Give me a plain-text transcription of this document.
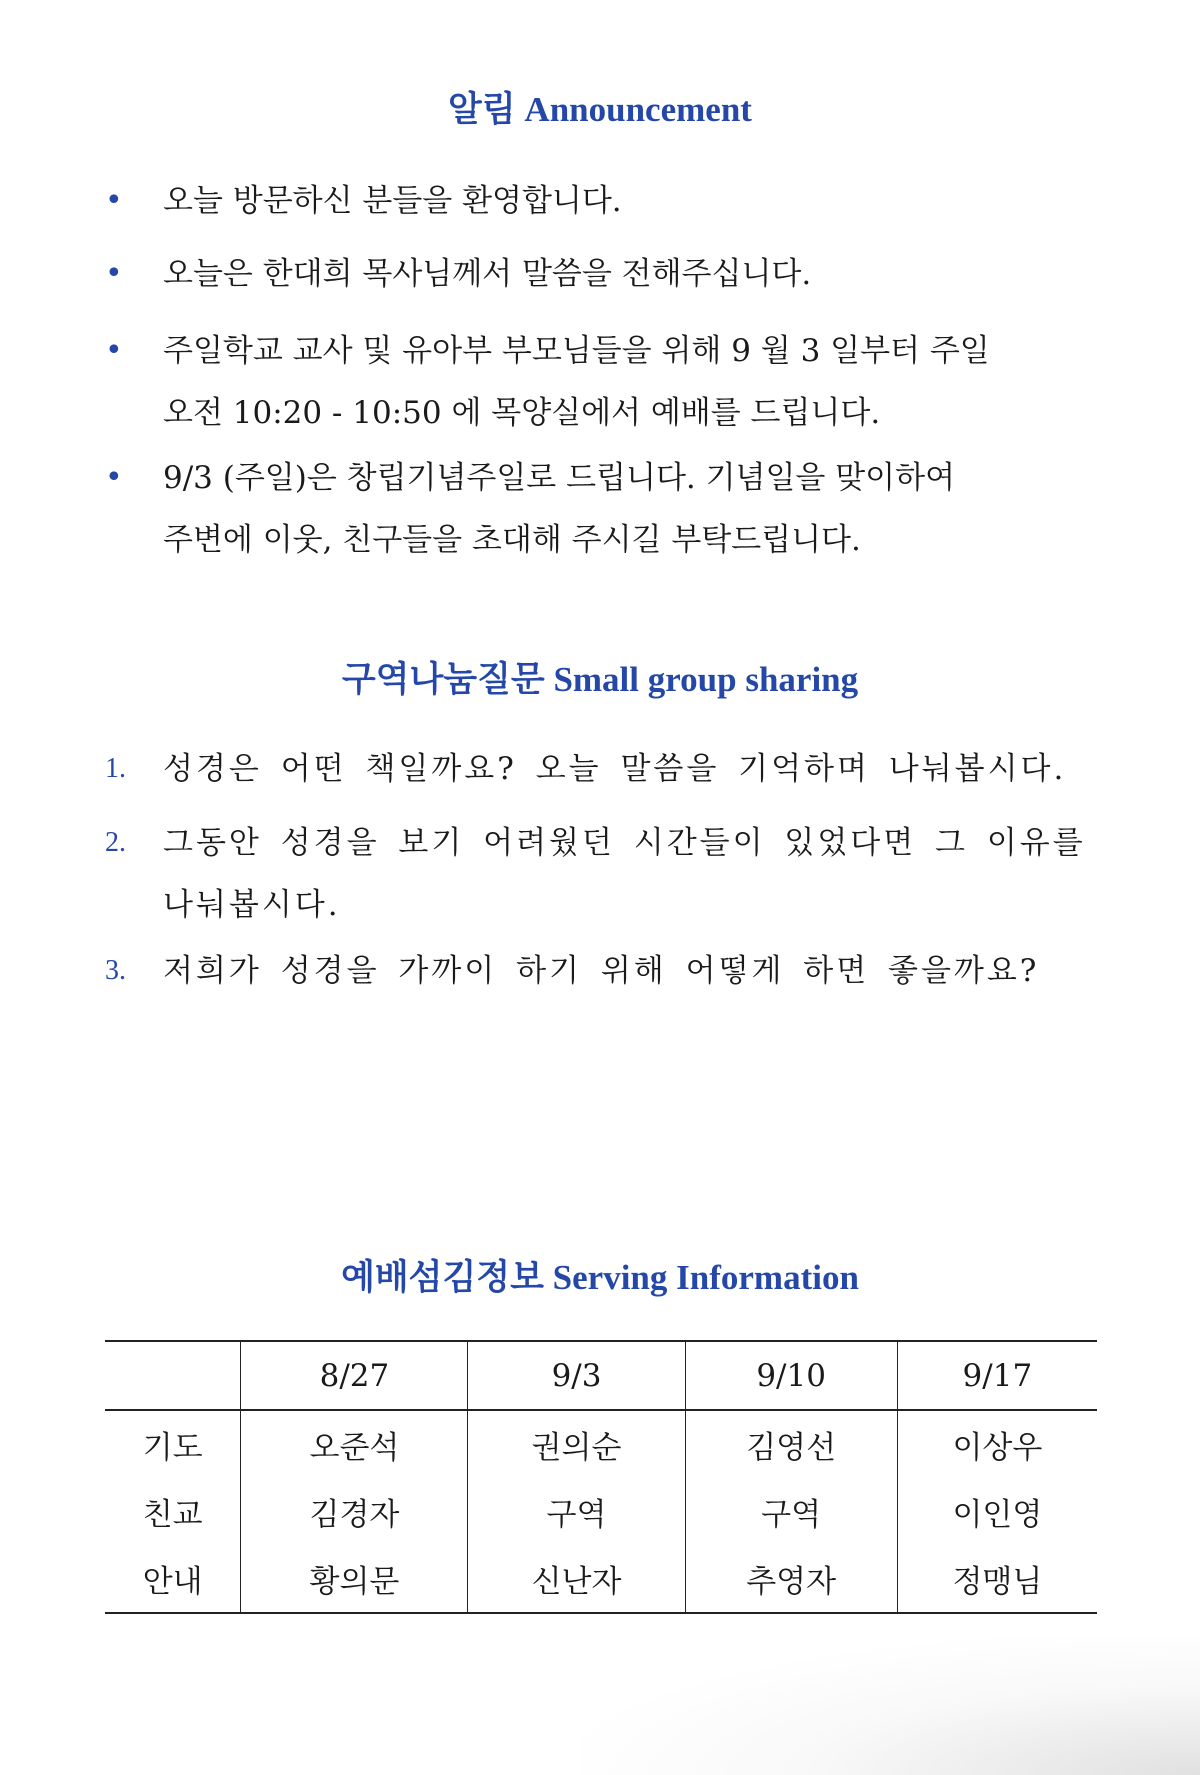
알림 Announcement
•	오늘 방문하신 분들을 환영합니다.
•	오늘은 한대희 목사님께서 말씀을 전해주십니다.
•	주일학교 교사 및 유아부 부모님들을 위해 9 월 3 일부터 주일
오전 10:20 - 10:50 에 목양실에서 예배를 드립니다.
•	9/3 (주일)은 창립기념주일로 드립니다. 기념일을 맞이하여
주변에 이웃, 친구들을 초대해 주시길 부탁드립니다.
구역나눔질문 Small group sharing
1.	성경은 어떤 책일까요? 오늘 말씀을 기억하며 나눠봅시다.
2.	그동안 성경을 보기 어려웠던 시간들이 있었다면 그 이유를
나눠봅시다.
3.	저희가 성경을 가까이 하기 위해 어떻게 하면 좋을까요?
예배섬김정보 Serving Information
	8/27	9/3	9/10	9/17
기도	오준석	권의순	김영선	이상우
친교	김경자	구역	구역	이인영
안내	황의문	신난자	추영자	정맹님
